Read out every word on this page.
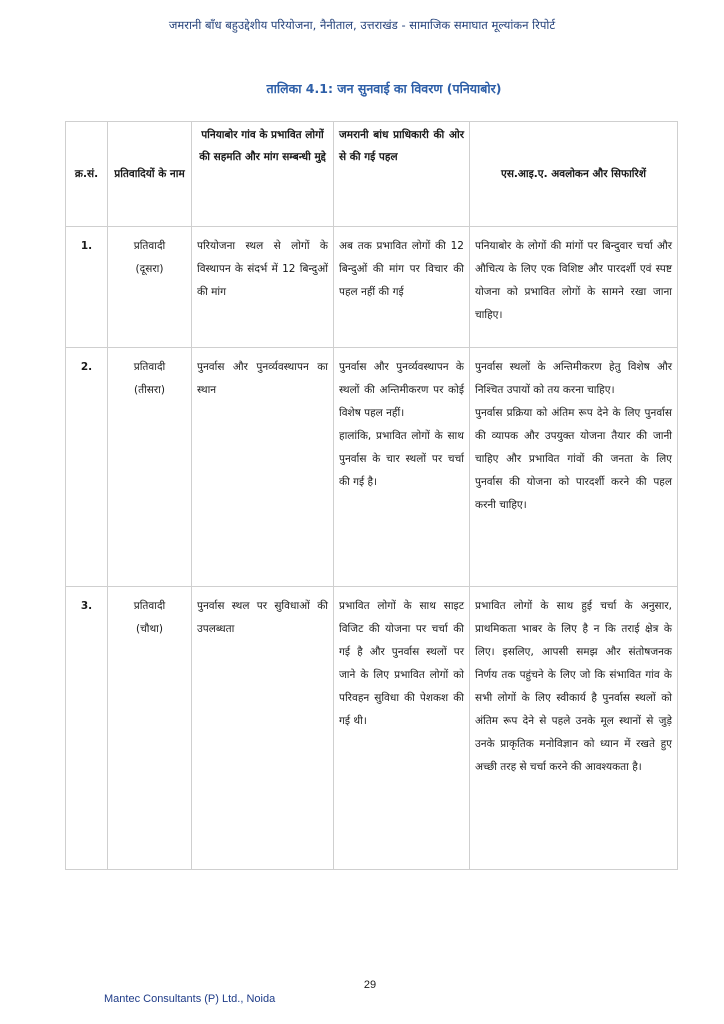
जमरानी बाँध बहुउद्देशीय परियोजना, नैनीताल, उत्तराखंड - सामाजिक समाघात मूल्यांकन रिपोर्ट
तालिका 4.1: जन सुनवाई का विवरण (पनियाबोर)
क्र.सं.	प्रतिवादियों के नाम	पनियाबोर गांव के प्रभावित लोगों की सहमति और मांग सम्बन्धी मुद्दे	जमरानी बांध प्राधिकारी की ओर से की गई पहल	एस.आइ.ए. अवलोकन और सिफारिशें
1.	प्रतिवादी
(दूसरा)	परियोजना स्थल से लोगों के विस्थापन के संदर्भ में 12 बिन्दुओं की मांग	अब तक प्रभावित लोगों की 12 बिन्दुओं की मांग पर विचार की पहल नहीं की गई	पनियाबोर के लोगों की मांगों पर बिन्दुवार चर्चा और औचित्य के लिए एक विशिष्ट और पारदर्शी एवं स्पष्ट योजना को प्रभावित लोगों के सामने रखा जाना चाहिए।

2.	प्रतिवादी
(तीसरा)	पुनर्वास और पुनर्व्यवस्थापन का स्थान	पुनर्वास और पुनर्व्यवस्थापन के स्थलों की अन्तिमीकरण पर कोई विशेष पहल नहीं।
हालांकि, प्रभावित लोगों के साथ पुनर्वास के चार स्थलों पर चर्चा की गई है।	पुनर्वास स्थलों के अन्तिमीकरण हेतु विशेष और निश्चित उपायों को तय करना चाहिए।
पुनर्वास प्रक्रिया को अंतिम रूप देने के लिए पुनर्वास की व्यापक और उपयुक्त योजना तैयार की जानी चाहिए और प्रभावित गांवों की जनता के लिए पुनर्वास की योजना को पारदर्शी करने की पहल करनी चाहिए।

3.	प्रतिवादी
(चौथा)	पुनर्वास स्थल पर सुविधाओं की उपलब्धता	प्रभावित लोगों के साथ साइट विजिट की योजना पर चर्चा की गई है और पुनर्वास स्थलों पर जाने के लिए प्रभावित लोगों को परिवहन सुविधा की पेशकश की गई थी।	प्रभावित लोगों के साथ हुई चर्चा के अनुसार, प्राथमिकता भाबर के लिए है न कि तराई क्षेत्र के लिए। इसलिए, आपसी समझ और संतोषजनक निर्णय तक पहुंचने के लिए जो कि संभावित गांव के सभी लोगों के लिए स्वीकार्य है पुनर्वास स्थलों को अंतिम रूप देने से पहले उनके मूल स्थानों से जुड़े उनके प्राकृतिक मनोविज्ञान को ध्यान में रखते हुए अच्छी तरह से चर्चा करने की आवश्यकता है।
29
Mantec Consultants (P) Ltd., Noida
